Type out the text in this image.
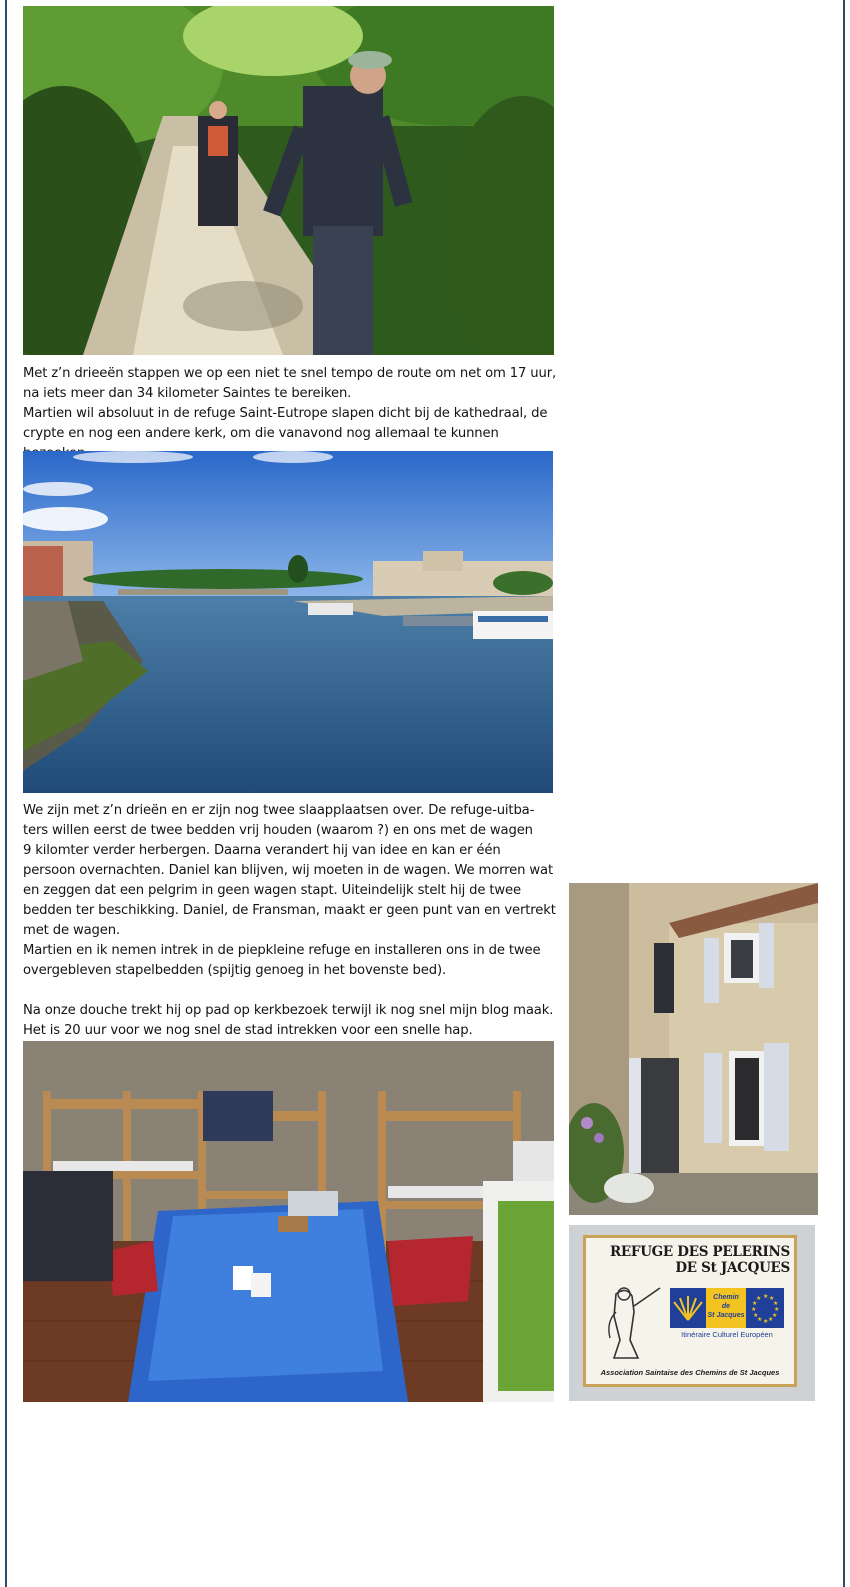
Met z’n drieeën stappen we op een niet te snel tempo de route om net om 17 uur,

na iets meer dan 34 kilometer Saintes te bereiken.

Martien wil absoluut in de refuge Saint-Eutrope slapen dicht bij de kathedraal, de

crypte en nog een andere kerk, om die vanavond nog allemaal te kunnen

We zijn met z’n drieën en er zijn nog twee slaapplaatsen over. De refuge-uitba-

ters willen eerst de twee bedden vrij houden (waarom ?) en ons met de wagen

9 kilomter verder herbergen. Daarna verandert hij van idee en kan er één

persoon overnachten. Daniel kan blijven, wij moeten in de wagen. We morren wat

en zeggen dat een pelgrim in geen wagen stapt. Uiteindelijk stelt hij de twee

bedden ter beschikking. Daniel, de Fransman, maakt er geen punt van en vertrekt

met de wagen.

Martien en ik nemen intrek in de piepkleine refuge en installeren ons in de twee

overgebleven stapelbedden (spijtig genoeg in het bovenste bed).

Na onze douche trekt hij op pad op kerkbezoek terwijl ik nog snel mijn blog maak.

Het is 20 uur voor we nog snel de stad intrekken voor een snelle hap.

REFUGE DES PELERINS
DE St JACQUES
Chemin
de
St Jacques
★ ★
★
★
★
★
★
★
★
★
★
★
Itinéraire Culturel Européen
Association Saintaise des Chemins de St Jacques
